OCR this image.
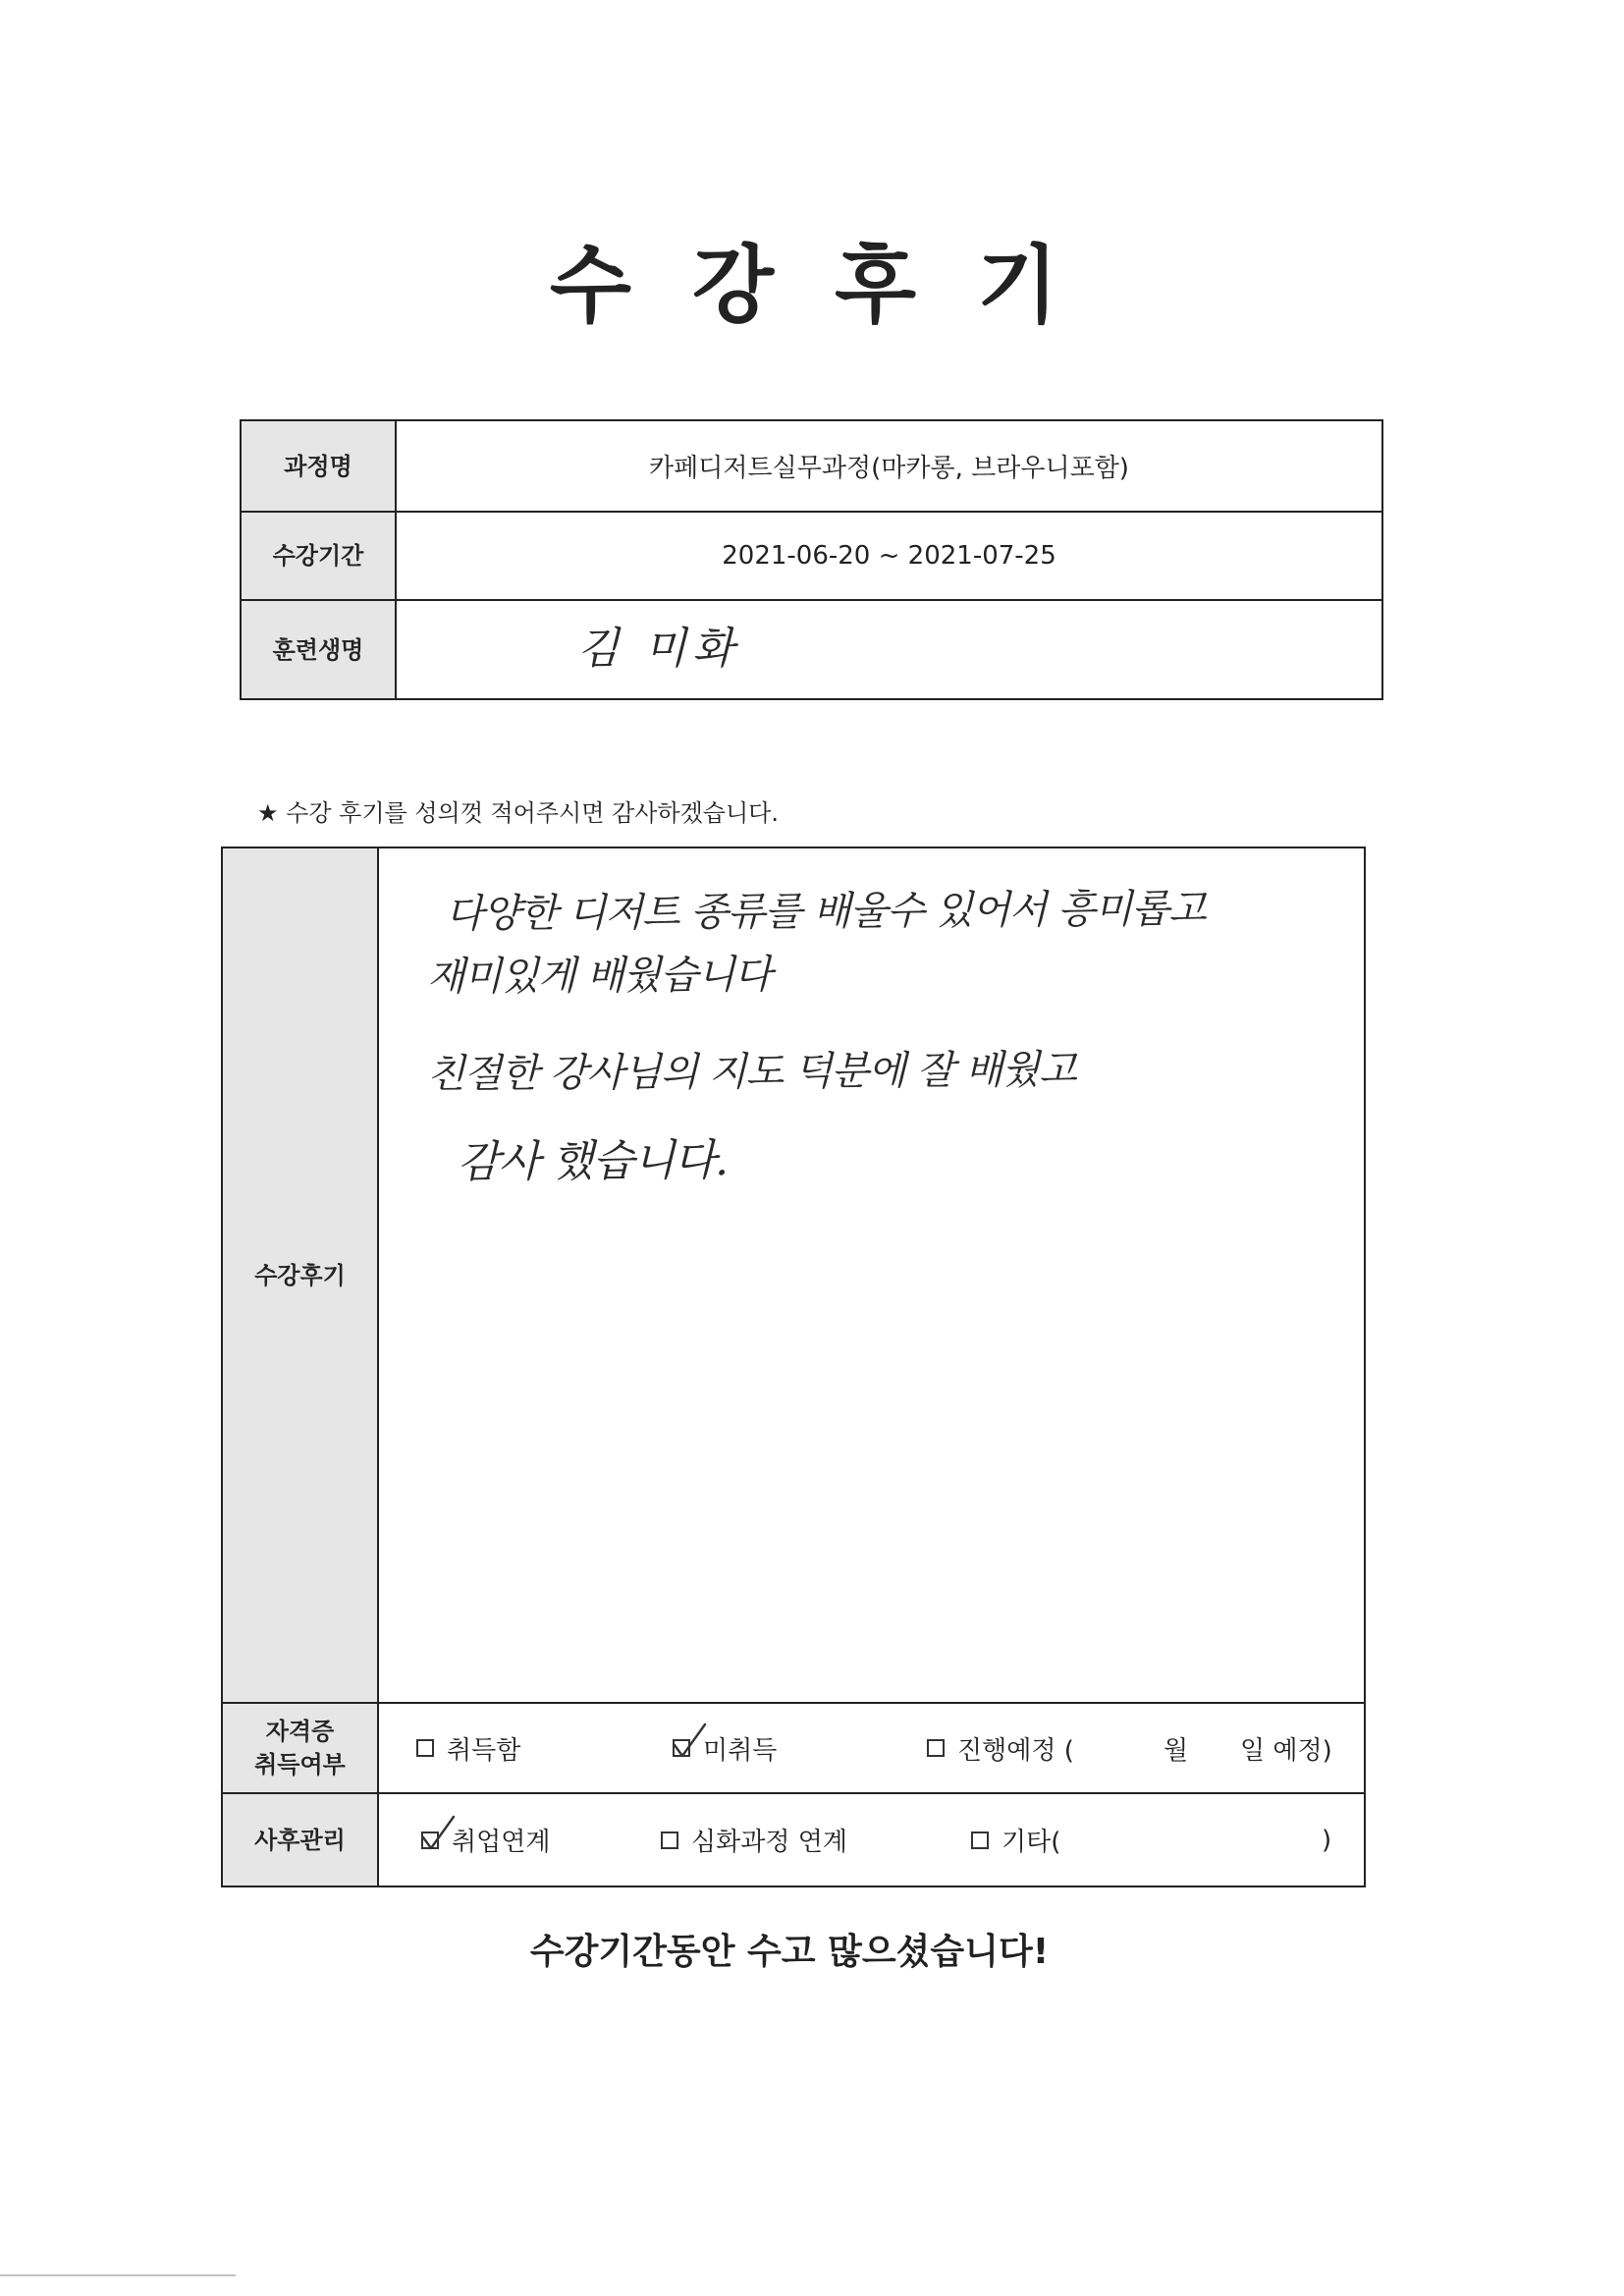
수 강 후 기
과정명	카페디저트실무과정(마카롱, 브라우니포함)
수강기간	2021-06-20 ~ 2021-07-25
훈련생명	김 미화
★ 수강 후기를 성의껏 적어주시면 감사하겠습니다.
수강후기
다양한 디저트 종류를 배울수 있어서 흥미롭고
재미있게 배웠습니다
친절한 강사님의 지도 덕분에 잘 배웠고
감사 했습니다.
자격증
취득여부	취득함	미취득	진행예정 (	월 일 예정)
사후관리	취업연계	심화과정 연계	기타(	)
수강기간동안 수고 많으셨습니다!
